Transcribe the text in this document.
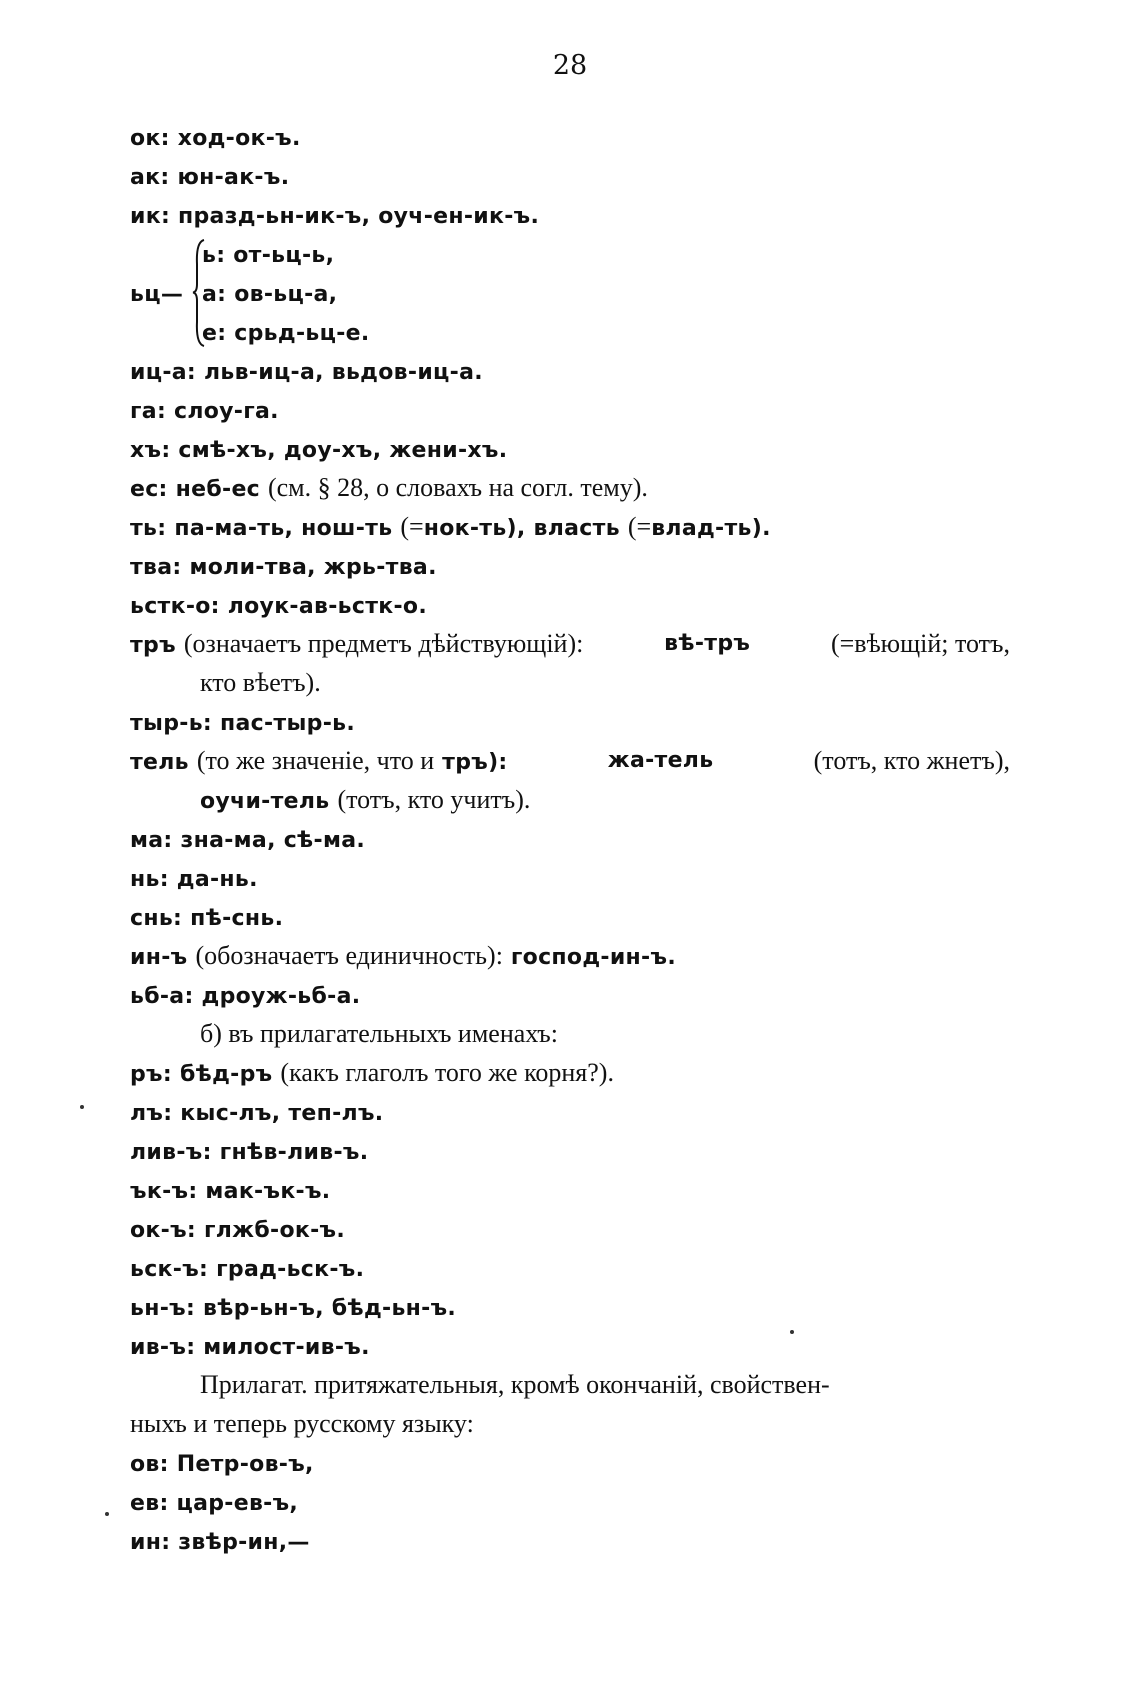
28
ок: ход-ок-ъ.
ак: юн-ак-ъ.
ик: празд-ьн-ик-ъ, оуч-ен-ик-ъ.
ьц—
ь: от-ьц-ь,
а: ов-ьц-а,
е: срьд-ьц-е.
иц-а: льв-иц-а, вьдов-иц-а.
га: слоу-га.
хъ: смѣ-хъ, доу-хъ, жени-хъ.
ес: неб-ес (см. § 28, о словахъ на согл. тему).
ть: па-ма-ть, нош-ть (=нок-ть), власть (=влад-ть).
тва: моли-тва, жрь-тва.
ьстк-о: лоук-ав-ьстк-о.
тръ (означаетъ предметъ дѣйствующій):	вѣ-тръ	(=вѣющій; тотъ,
кто вѣетъ).
тыр-ь: пас-тыр-ь.
тель (то же значеніе, что и тръ):	жа-тель	(тотъ, кто жнетъ),
оучи-тель (тотъ, кто учитъ).
ма: зна-ма, сѣ-ма.
нь: да-нь.
снь: пѣ-снь.
ин-ъ (обозначаетъ единичность): господ-ин-ъ.
ьб-а: дроуж-ьб-а.
б) въ прилагательныхъ именахъ:
ръ: бѣд-ръ (какъ глаголъ того же корня?).
лъ: кыс-лъ, теп-лъ.
лив-ъ: гнѣв-лив-ъ.
ък-ъ: мак-ък-ъ.
ок-ъ: глжб-ок-ъ.
ьск-ъ: град-ьск-ъ.
ьн-ъ: вѣр-ьн-ъ, бѣд-ьн-ъ.
ив-ъ: милост-ив-ъ.
Прилагат. притяжательныя, кромѣ окончаній, свойствен-
ныхъ и теперь русскому языку:
ов: Петр-ов-ъ,
ев: цар-ев-ъ,
ин: звѣр-ин,—
